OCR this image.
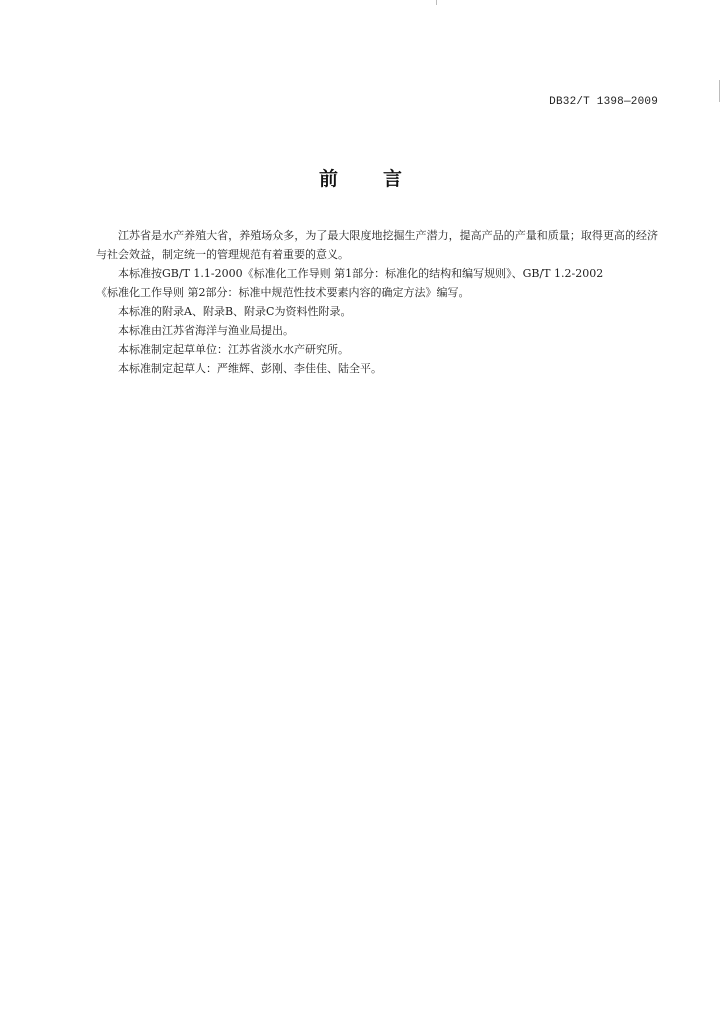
DB32/T 1398—2009
前 言

江苏省是水产养殖大省，养殖场众多，为了最大限度地挖掘生产潜力，提高产品的产量和质量；取得更高的经济与社会效益，制定统一的管理规范有着重要的意义。

本标准按GB/T 1.1-2000《标准化工作导则 第1部分：标准化的结构和编写规则》、GB/T 1.2-2002

《标准化工作导则 第2部分：标准中规范性技术要素内容的确定方法》编写。

本标准的附录A、附录B、附录C为资料性附录。

本标准由江苏省海洋与渔业局提出。

本标准制定起草单位：江苏省淡水水产研究所。

本标准制定起草人：严维辉、彭刚、李佳佳、陆全平。
